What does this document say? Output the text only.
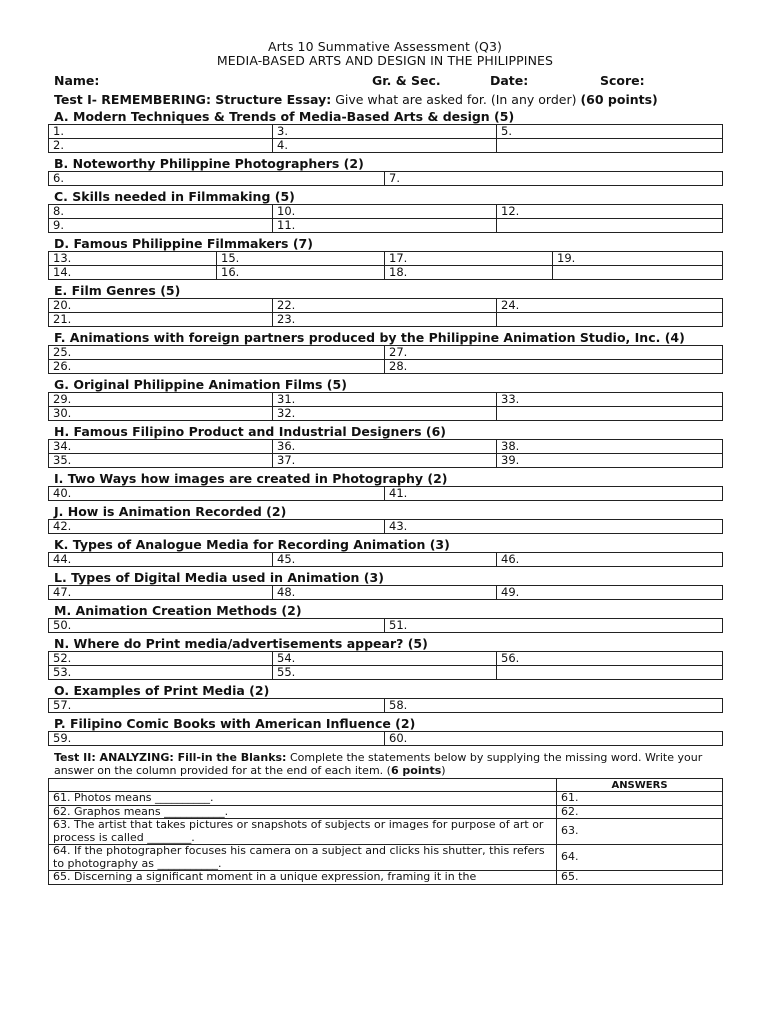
Arts 10 Summative Assessment (Q3)
MEDIA-BASED ARTS AND DESIGN IN THE PHILIPPINES
Name:	Gr. & Sec.	Date:	Score:
Test I- REMEMBERING: Structure Essay: Give what are asked for. (In any order) (60 points)
A. Modern Techniques & Trends of Media-Based Arts & design (5)
1.	3.	5.
2.	4.	
B. Noteworthy Philippine Photographers (2)
6.	7.
C. Skills needed in Filmmaking (5)
8.	10.	12.
9.	11.	
D. Famous Philippine Filmmakers (7)
13.	15.	17.	19.
14.	16.	18.	
E. Film Genres (5)
20.	22.	24.
21.	23.	
F. Animations with foreign partners produced by the Philippine Animation Studio, Inc. (4)
25.	27.
26.	28.
G. Original Philippine Animation Films (5)
29.	31.	33.
30.	32.	
H. Famous Filipino Product and Industrial Designers (6)
34.	36.	38.
35.	37.	39.
I. Two Ways how images are created in Photography (2)
40.	41.
J. How is Animation Recorded (2)
42.	43.
K. Types of Analogue Media for Recording Animation (3)
44.	45.	46.
L. Types of Digital Media used in Animation (3)
47.	48.	49.
M. Animation Creation Methods (2)
50.	51.
N. Where do Print media/advertisements appear? (5)
52.	54.	56.
53.	55.	
O. Examples of Print Media (2)
57.	58.
P. Filipino Comic Books with American Influence (2)
59.	60.
Test II: ANALYZING: Fill-in the Blanks: Complete the statements below by supplying the missing word. Write your answer on the column provided for at the end of each item. (6 points)
	ANSWERS
61. Photos means __________.	61.
62. Graphos means ___________.	62.
63. The artist that takes pictures or snapshots of subjects or images for purpose of art or process is called ________.	63.
64. If the photographer focuses his camera on a subject and clicks his shutter, this refers to photography as ___________.	64.
65. Discerning a significant moment in a unique expression, framing it in the	65.
